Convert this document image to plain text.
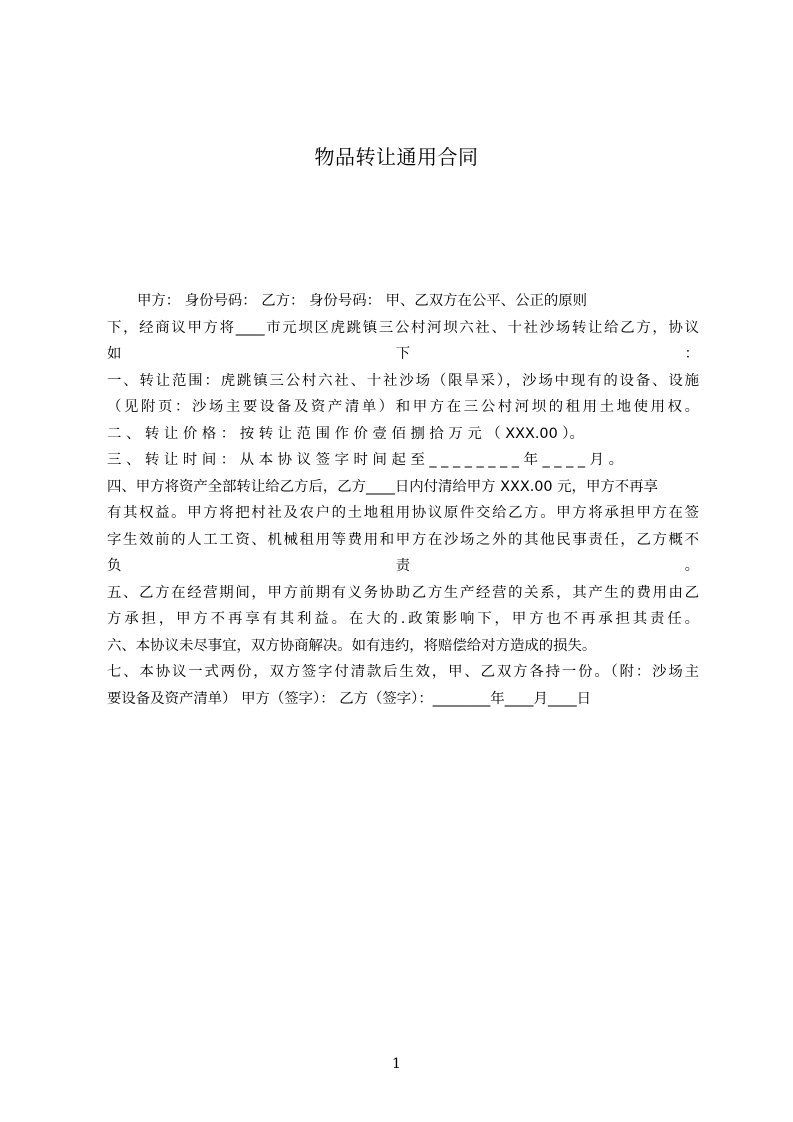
物品转让通用合同
甲方： 身份号码： 乙方： 身份号码： 甲、乙双方在公平、公正的原则
下，经商议甲方将____市元坝区虎跳镇三公村河坝六社、十社沙场转让给乙方，协议
如 下 ：
一、转让范围：虎跳镇三公村六社、十社沙场（限旱采），沙场中现有的设备、设施
（见附页：沙场主要设备及资产清单）和甲方在三公村河坝的租用土地使用权。
二 、 转 让 价 格 ： 按 转 让 范 围 作 价 壹 佰 捌 拾 万 元 （ XXX.00 ）。
三 、 转 让 时 间 ： 从 本 协 议 签 字 时 间 起 至 _ _ _ _ _ _ _ _ 年 _ _ _ _ 月 。
四、甲方将资产全部转让给乙方后，乙方____日内付清给甲方 XXX.00 元，甲方不再享
有其权益。甲方将把村社及农户的土地租用协议原件交给乙方。甲方将承担甲方在签
字生效前的人工工资、机械租用等费用和甲方在沙场之外的其他民事责任，乙方概不
负 责 。
五、乙方在经营期间，甲方前期有义务协助乙方生产经营的关系，其产生的费用由乙
方承担，甲方不再享有其利益。在大的.政策影响下，甲方也不再承担其责任。
六、本协议未尽事宜，双方协商解决。如有违约，将赔偿给对方造成的损失。
七、本协议一式两份，双方签字付清款后生效，甲、乙双方各持一份。（附：沙场主
要设备及资产清单） 甲方（签字）： 乙方（签字）：________年____月____日
1
